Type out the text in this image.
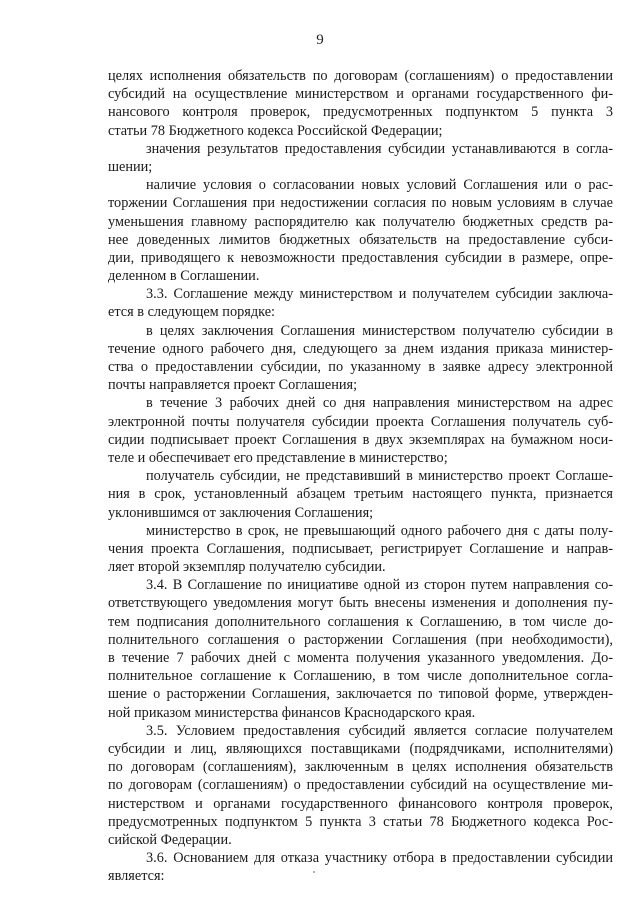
9
целях исполнения обязательств по договорам (соглашениям) о предоставлении
субсидий на осуществление министерством и органами государственного фи-
нансового контроля проверок, предусмотренных подпунктом 5 пункта 3
статьи 78 Бюджетного кодекса Российской Федерации;
значения результатов предоставления субсидии устанавливаются в согла-
шении;
наличие условия о согласовании новых условий Соглашения или о рас-
торжении Соглашения при недостижении согласия по новым условиям в случае
уменьшения главному распорядителю как получателю бюджетных средств ра-
нее доведенных лимитов бюджетных обязательств на предоставление субси-
дии, приводящего к невозможности предоставления субсидии в размере, опре-
деленном в Соглашении.
3.3. Соглашение между министерством и получателем субсидии заключа-
ется в следующем порядке:
в целях заключения Соглашения министерством получателю субсидии в
течение одного рабочего дня, следующего за днем издания приказа министер-
ства о предоставлении субсидии, по указанному в заявке адресу электронной
почты направляется проект Соглашения;
в течение 3 рабочих дней со дня направления министерством на адрес
электронной почты получателя субсидии проекта Соглашения получатель суб-
сидии подписывает проект Соглашения в двух экземплярах на бумажном носи-
теле и обеспечивает его представление в министерство;
получатель субсидии, не представивший в министерство проект Соглаше-
ния в срок, установленный абзацем третьим настоящего пункта, признается
уклонившимся от заключения Соглашения;
министерство в срок, не превышающий одного рабочего дня с даты полу-
чения проекта Соглашения, подписывает, регистрирует Соглашение и направ-
ляет второй экземпляр получателю субсидии.
3.4. В Соглашение по инициативе одной из сторон путем направления со-
ответствующего уведомления могут быть внесены изменения и дополнения пу-
тем подписания дополнительного соглашения к Соглашению, в том числе до-
полнительного соглашения о расторжении Соглашения (при необходимости),
в течение 7 рабочих дней с момента получения указанного уведомления. До-
полнительное соглашение к Соглашению, в том числе дополнительное согла-
шение о расторжении Соглашения, заключается по типовой форме, утвержден-
ной приказом министерства финансов Краснодарского края.
3.5. Условием предоставления субсидий является согласие получателем
субсидии и лиц, являющихся поставщиками (подрядчиками, исполнителями)
по договорам (соглашениям), заключенным в целях исполнения обязательств
по договорам (соглашениям) о предоставлении субсидий на осуществление ми-
нистерством и органами государственного финансового контроля проверок,
предусмотренных подпунктом 5 пункта 3 статьи 78 Бюджетного кодекса Рос-
сийской Федерации.
3.6. Основанием для отказа участнику отбора в предоставлении субсидии
является:
